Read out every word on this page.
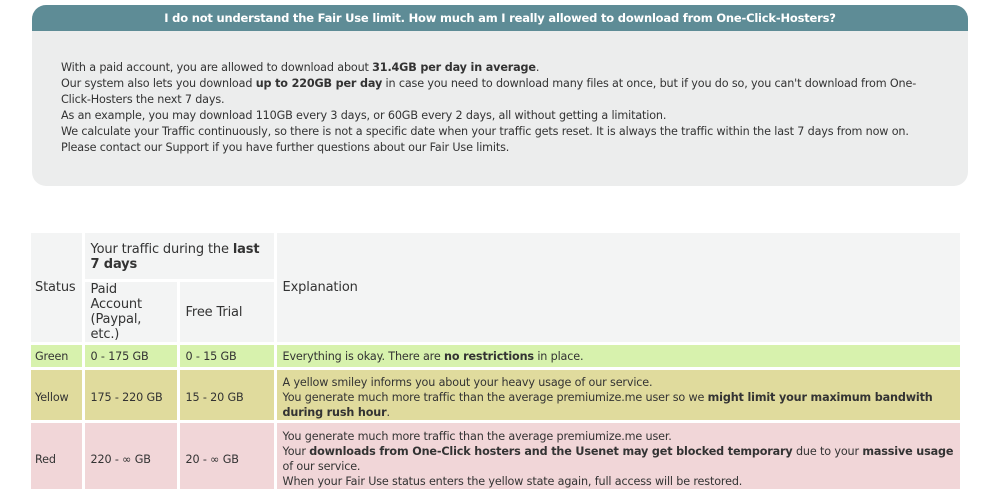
I do not understand the Fair Use limit. How much am I really allowed to download from One-Click-Hosters?

With a paid account, you are allowed to download about 31.4GB per day in average.

Our system also lets you download up to 220GB per day in case you need to download many files at once, but if you do so, you can't download from One-Click-Hosters the next 7 days.

As an example, you may download 110GB every 3 days, or 60GB every 2 days, all without getting a limitation.

We calculate your Traffic continuously, so there is not a specific date when your traffic gets reset. It is always the traffic within the last 7 days from now on.

Please contact our Support if you have further questions about our Fair Use limits.

Status	Your traffic during the last 7 days		Explanation
	Paid Account (Paypal, etc.)	Free Trial	
Green	0 - 175 GB	0 - 15 GB	Everything is okay. There are no restrictions in place.
Yellow	175 - 220 GB	15 - 20 GB	A yellow smiley informs you about your heavy usage of our service.

You generate much more traffic than the average premiumize.me user so we might limit your maximum bandwith during rush hour.

Red	220 - ∞ GB	20 - ∞ GB	You generate much more traffic than the average premiumize.me user.

Your downloads from One-Click hosters and the Usenet may get blocked temporary due to your massive usage of our service.

When your Fair Use status enters the yellow state again, full access will be restored.
